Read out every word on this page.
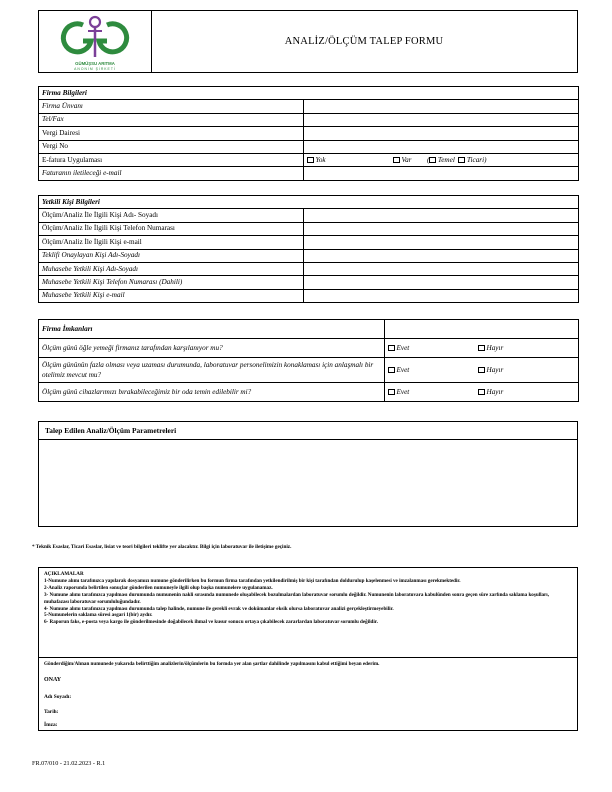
GÜMÜŞSU ARITMA
ANONİM ŞİRKETİ
ANALİZ/ÖLÇÜM TALEP FORMU
Firma Bilgileri	
Firma Ünvanı	
Tel/Fax	
Vergi Dairesi	
Vergi No	
E-fatura Uygulaması	Yok Var ( Temel Ticari)
Faturanın iletileceği e-mail	
Yetkili Kişi Bilgileri	
Ölçüm/Analiz İle İlgili Kişi Adı- Soyadı	
Ölçüm/Analiz İle İlgili Kişi Telefon Numarası	
Ölçüm/Analiz İle İlgili Kişi e-mail	
Teklifi Onaylayan Kişi Adı-Soyadı	
Muhasebe Yetkili Kişi Adı-Soyadı	
Muhasebe Yetkili Kişi Telefon Numarası (Dahili)	
Muhasebe Yetkili Kişi e-mail	
Firma İmkanları	
Ölçüm günü öğle yemeği firmanız tarafından karşılanıyor mu?	Evet Hayır
Ölçüm gününün fazla olması veya uzaması durumunda, laboratuvar personelimizin konaklaması için anlaşmalı bir otelimiz mevcut mu?	Evet Hayır
Ölçüm günü cihazlarımızı bırakabileceğimiz bir oda temin edilebilir mi?	Evet Hayır
Talep Edilen Analiz/Ölçüm Parametreleri
* Teknik Esaslar, Ticari Esaslar, lisiat ve teori bilgileri teklifte yer alacaktır. Bilgi için laboratuvar ile iletişime geçiniz.

AÇIKLAMALAR

1-Numune alımı tarafınızca yapılarak dosyamızı numune gönderilirken bu formun firma tarafından yetkilendirilmiş bir kişi tarafından doldurulup kaşelenmesi ve imzalanması gerekmektedir.

2-Analiz raporunda belirtilen sonuçlar gönderilen numuneyle ilgili olup başka numunelere uygulanamaz.

3- Numune alımı tarafınızca yapılması durumunda numunenin nakli sırasında numunede oluşabilecek bozulmalardan laboratuvar sorumlu değildir. Numunenin laboratuvara kabulünden sonra geçen süre zarfında saklama koşulları, muhafazası laboratuvar sorumluluğundadır.

4- Numune alımı tarafınızca yapılması durumunda talep halinde, numune ile gerekli evrak ve dokümanlar eksik olursa laboratuvar analizi gerçekleştirmeyebilir.

5-Numunelerin saklama süresi asgari 1(bir) aydır.

6- Raporun faks, e-posta veya kargo ile gönderilmesinde doğabilecek ihmal ve kusur sonucu ortaya çıkabilecek zararlardan laboratuvar sorumlu değildir.

Gönderdiğim/Alınan numunede yukarıda belirttiğim analizlerin/ölçümlerin bu formda yer alan şartlar dahilinde yapılmasını kabul ettiğimi beyan ederim.
ONAY
Adı Soyadı:
Tarih:
İmza:
FR.07/010 - 21.02.2023 - R.1
